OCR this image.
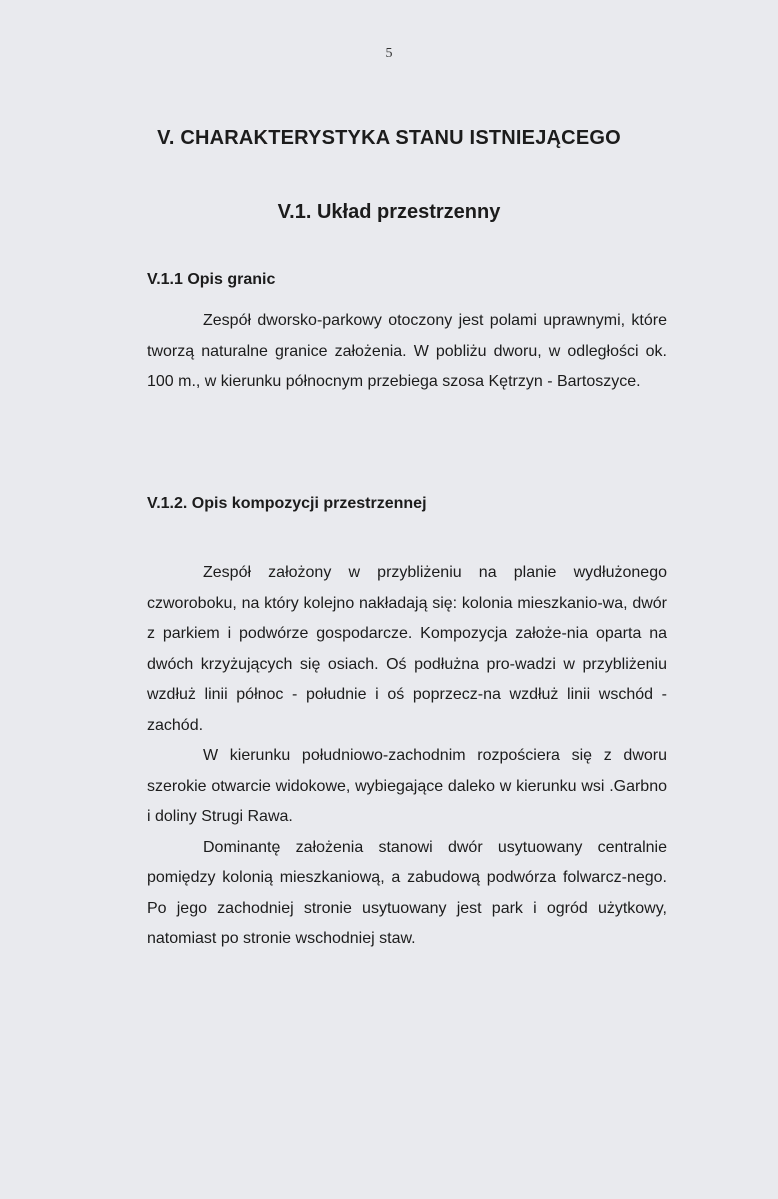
5
V. CHARAKTERYSTYKA STANU ISTNIEJĄCEGO
V.1. Układ przestrzenny

V.1.1 Opis granic

Zespół dworsko-parkowy otoczony jest polami uprawnymi, które tworzą naturalne granice założenia. W pobliżu dworu, w odległości ok. 100 m., w kierunku północnym przebiega szosa Kętrzyn - Bartoszyce.

V.1.2. Opis kompozycji przestrzennej

Zespół założony w przybliżeniu na planie wydłużonego czworoboku, na który kolejno nakładają się: kolonia mieszkanio-wa, dwór z parkiem i podwórze gospodarcze. Kompozycja założe-nia oparta na dwóch krzyżujących się osiach. Oś podłużna pro-wadzi w przybliżeniu wzdłuż linii północ - południe i oś poprzecz-na wzdłuż linii wschód - zachód.

W kierunku południowo-zachodnim rozpościera się z dworu szerokie otwarcie widokowe, wybiegające daleko w kierunku wsi .Garbno i doliny Strugi Rawa.

Dominantę założenia stanowi dwór usytuowany centralnie pomiędzy kolonią mieszkaniową, a zabudową podwórza folwarcz-nego. Po jego zachodniej stronie usytuowany jest park i ogród użytkowy, natomiast po stronie wschodniej staw.
